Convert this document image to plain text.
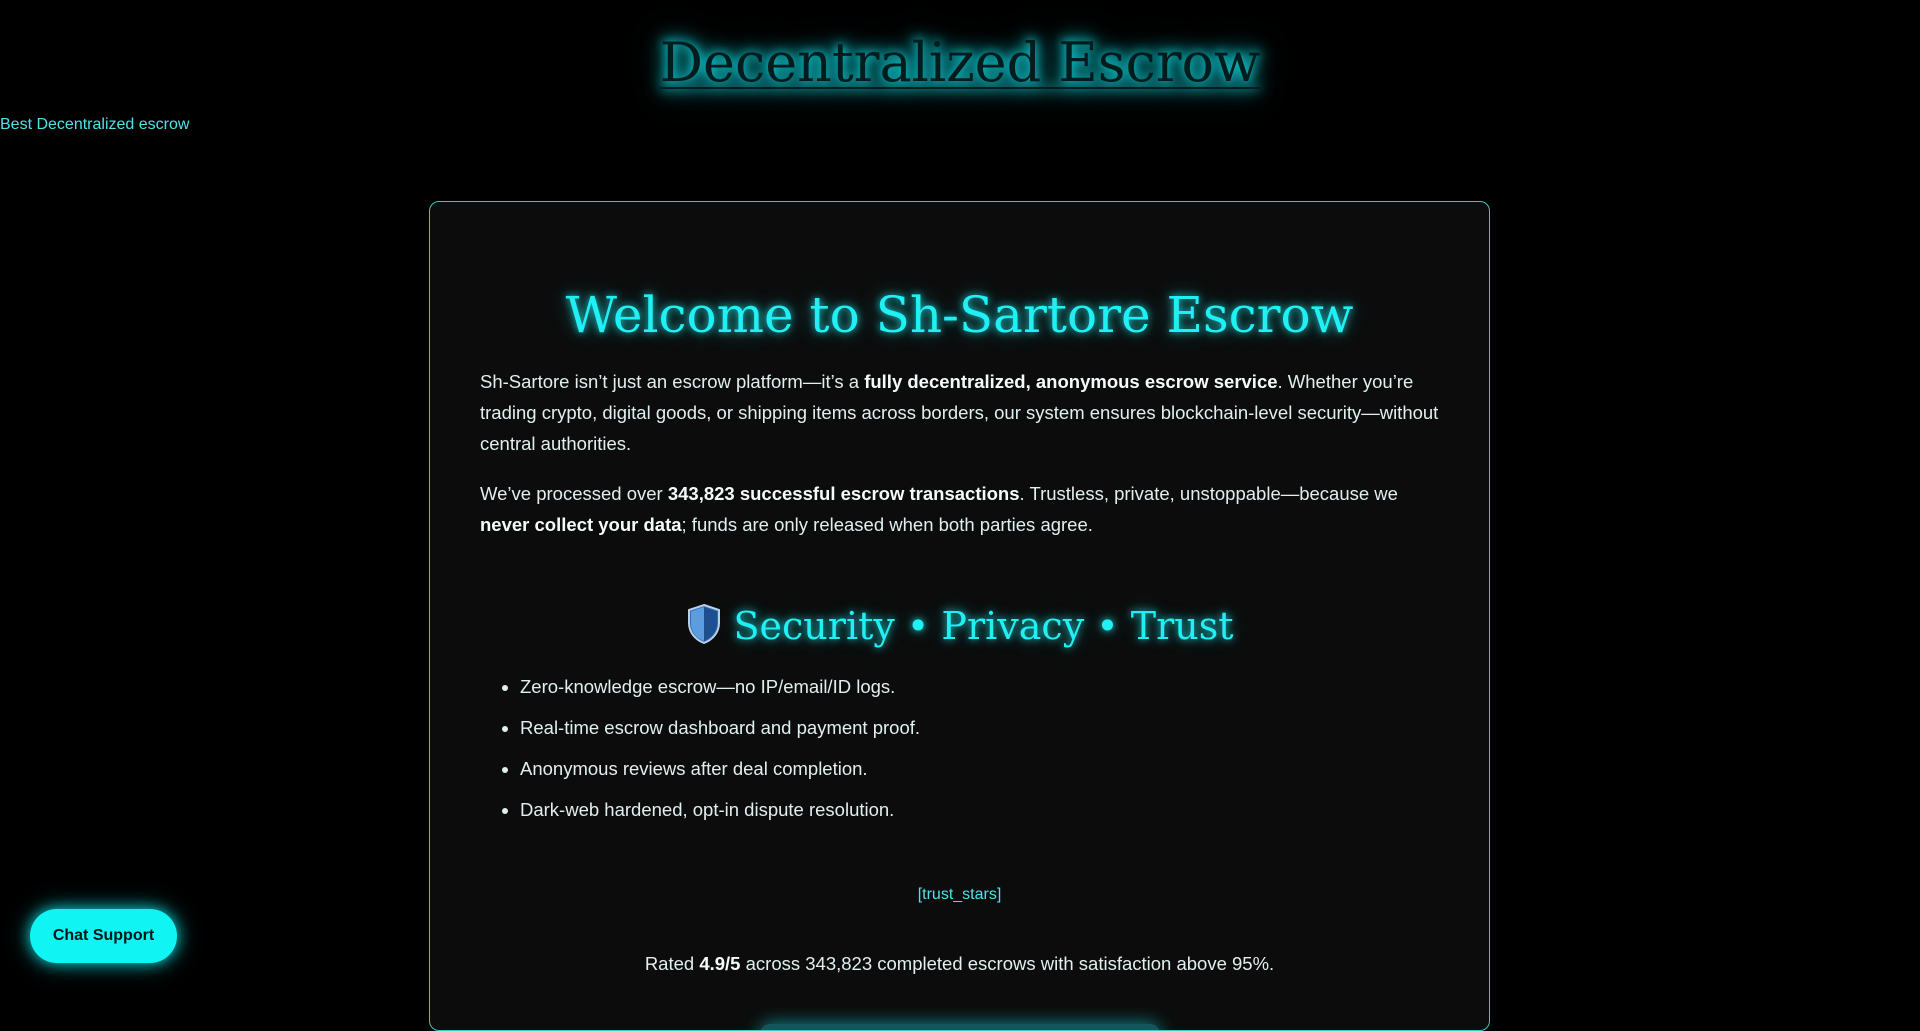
Decentralized Escrow
Best Decentralized escrow
Welcome to Sh-Sartore Escrow

Sh-Sartore isn’t just an escrow platform—it’s a fully decentralized, anonymous escrow service. Whether you’re trading crypto, digital goods, or shipping items across borders, our system ensures blockchain-level security—without central authorities.

We’ve processed over 343,823 successful escrow transactions. Trustless, private, unstoppable—because we never collect your data; funds are only released when both parties agree.

Security • Privacy • Trust
• Zero-knowledge escrow—no IP/email/ID logs.
• Real-time escrow dashboard and payment proof.
• Anonymous reviews after deal completion.
• Dark-web hardened, opt-in dispute resolution.
[trust_stars]

Rated 4.9/5 across 343,823 completed escrows with satisfaction above 95%.

Chat Support
